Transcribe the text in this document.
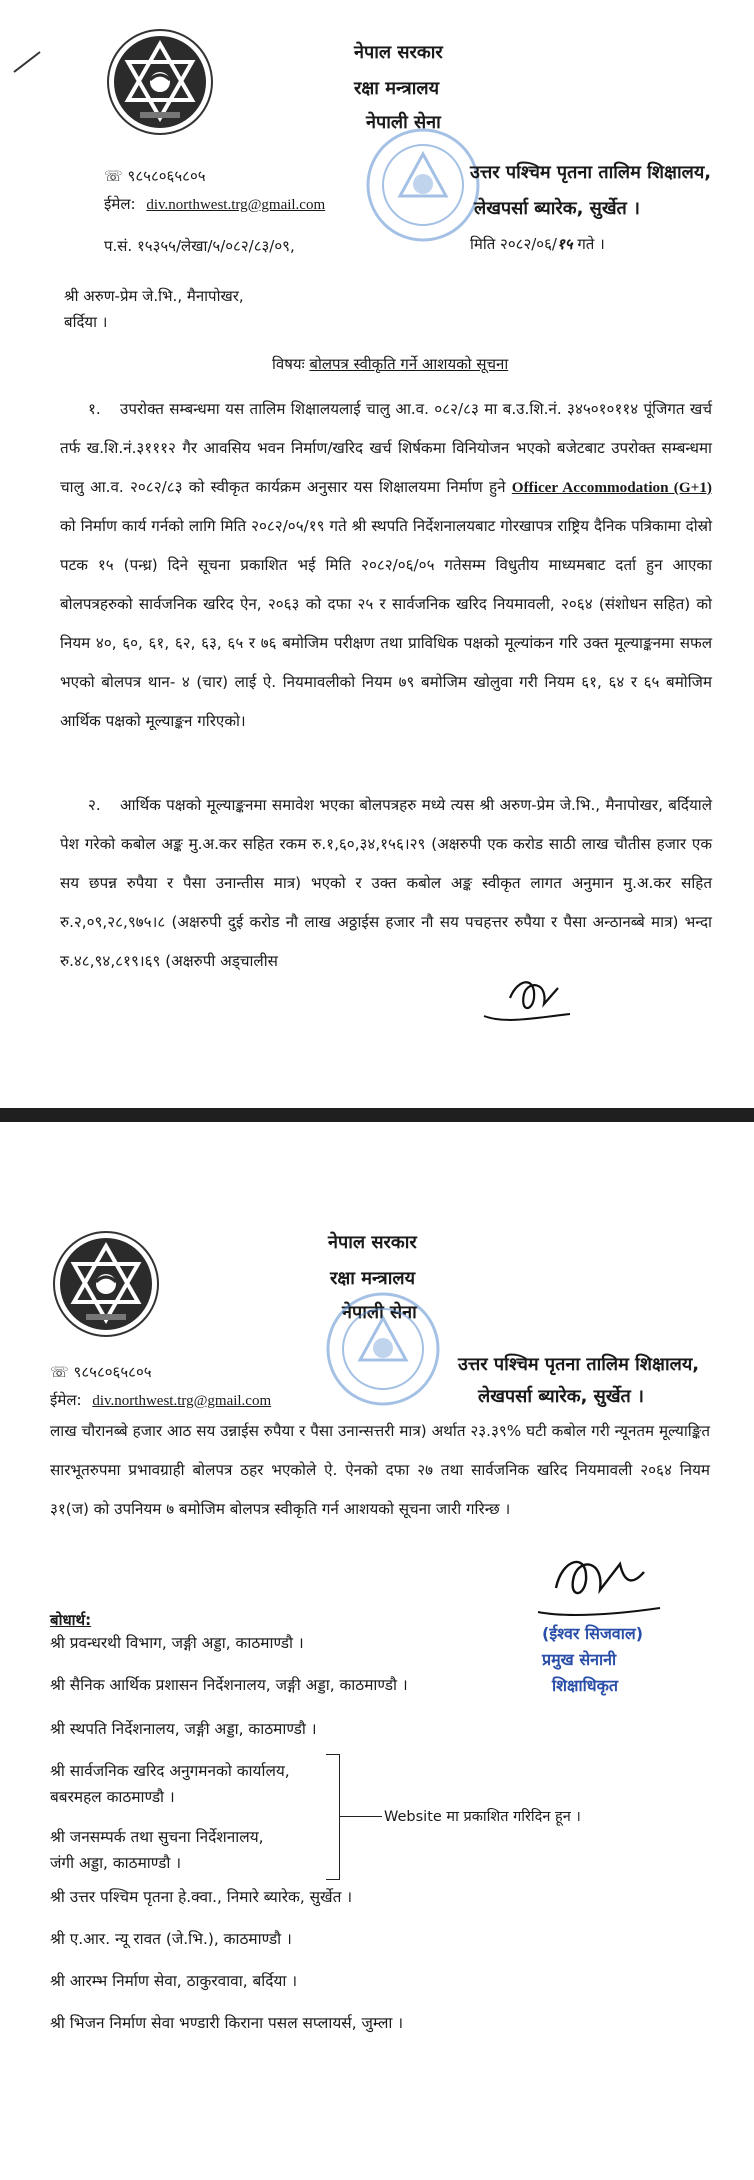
नेपाल सरकार
रक्षा मन्त्रालय
नेपाली सेना
उत्तर पश्चिम पृतना तालिम शिक्षालय,
लेखपर्सा ब्यारेक, सुर्खेत ।
☏ ९८५८०६५८०५
ईमेल: div.northwest.trg@gmail.com
प.सं. १५३५५/लेखा/५/०८२/८३/०९,	मिति २०८२/०६/१५ गते ।
श्री अरुण-प्रेम जे.भि., मैनापोखर,
बर्दिया ।
विषयः बोलपत्र स्वीकृति गर्ने आशयको सूचना
१. उपरोक्त सम्बन्धमा यस तालिम शिक्षालयलाई चालु आ.व. ०८२/८३ मा ब.उ.शि.नं. ३४५०१०११४ पूंजिगत खर्च तर्फ ख.शि.नं.३१११२ गैर आवसिय भवन निर्माण/खरिद खर्च शिर्षकमा विनियोजन भएको बजेटबाट उपरोक्त सम्बन्धमा चालु आ.व. २०८२/८३ को स्वीकृत कार्यक्रम अनुसार यस शिक्षालयमा निर्माण हुने Officer Accommodation (G+1) को निर्माण कार्य गर्नको लागि मिति २०८२/०५/१९ गते श्री स्थपति निर्देशनालयबाट गोरखापत्र राष्ट्रिय दैनिक पत्रिकामा दोस्रो पटक १५ (पन्ध्र) दिने सूचना प्रकाशित भई मिति २०८२/०६/०५ गतेसम्म विधुतीय माध्यमबाट दर्ता हुन आएका बोलपत्रहरुको सार्वजनिक खरिद ऐन, २०६३ को दफा २५ र सार्वजनिक खरिद नियमावली, २०६४ (संशोधन सहित) को नियम ४०, ६०, ६१, ६२, ६३, ६५ र ७६ बमोजिम परीक्षण तथा प्राविधिक पक्षको मूल्यांकन गरि उक्त मूल्याङ्कनमा सफल भएको बोलपत्र थान- ४ (चार) लाई ऐ. नियमावलीको नियम ७९ बमोजिम खोलुवा गरी नियम ६१, ६४ र ६५ बमोजिम आर्थिक पक्षको मूल्याङ्कन गरिएको।
२. आर्थिक पक्षको मूल्याङ्कनमा समावेश भएका बोलपत्रहरु मध्ये त्यस श्री अरुण-प्रेम जे.भि., मैनापोखर, बर्दियाले पेश गरेको कबोल अङ्क मु.अ.कर सहित रकम रु.१,६०,३४,१५६।२९ (अक्षरुपी एक करोड साठी लाख चौतीस हजार एक सय छपन्न रुपैया र पैसा उनान्तीस मात्र) भएको र उक्त कबोल अङ्क स्वीकृत लागत अनुमान मु.अ.कर सहित रु.२,०९,२८,९७५।८ (अक्षरुपी दुई करोड नौ लाख अठ्ठाईस हजार नौ सय पचहत्तर रुपैया र पैसा अन्ठानब्बे मात्र) भन्दा रु.४८,९४,८१९।६९ (अक्षरुपी अड्चालीस
नेपाल सरकार
रक्षा मन्त्रालय
नेपाली सेना
उत्तर पश्चिम पृतना तालिम शिक्षालय,
लेखपर्सा ब्यारेक, सुर्खेत ।
☏ ९८५८०६५८०५
ईमेल: div.northwest.trg@gmail.com
लाख चौरानब्बे हजार आठ सय उन्नाईस रुपैया र पैसा उनान्सत्तरी मात्र) अर्थात २३.३९% घटी कबोल गरी न्यूनतम मूल्याङ्कित सारभूतरुपमा प्रभावग्राही बोलपत्र ठहर भएकोले ऐ. ऐनको दफा २७ तथा सार्वजनिक खरिद नियमावली २०६४ नियम ३१(ज) को उपनियम ७ बमोजिम बोलपत्र स्वीकृति गर्न आशयको सूचना जारी गरिन्छ ।
(ईश्वर सिजवाल)
प्रमुख सेनानी
शिक्षाधिकृत
बोधार्थ:
श्री प्रवन्धरथी विभाग, जङ्गी अड्डा, काठमाण्डौ ।
श्री सैनिक आर्थिक प्रशासन निर्देशनालय, जङ्गी अड्डा, काठमाण्डौ ।
श्री स्थपति निर्देशनालय, जङ्गी अड्डा, काठमाण्डौ ।
श्री सार्वजनिक खरिद अनुगमनको कार्यालय,
बबरमहल काठमाण्डौ ।
श्री जनसम्पर्क तथा सुचना निर्देशनालय,
जंगी अड्डा, काठमाण्डौ ।
Website मा प्रकाशित गरिदिन हून ।
श्री उत्तर पश्चिम पृतना हे.क्वा., निमारे ब्यारेक, सुर्खेत ।
श्री ए.आर. न्यू रावत (जे.भि.), काठमाण्डौ ।
श्री आरम्भ निर्माण सेवा, ठाकुरवावा, बर्दिया ।
श्री भिजन निर्माण सेवा भण्डारी किराना पसल सप्लायर्स, जुम्ला ।
